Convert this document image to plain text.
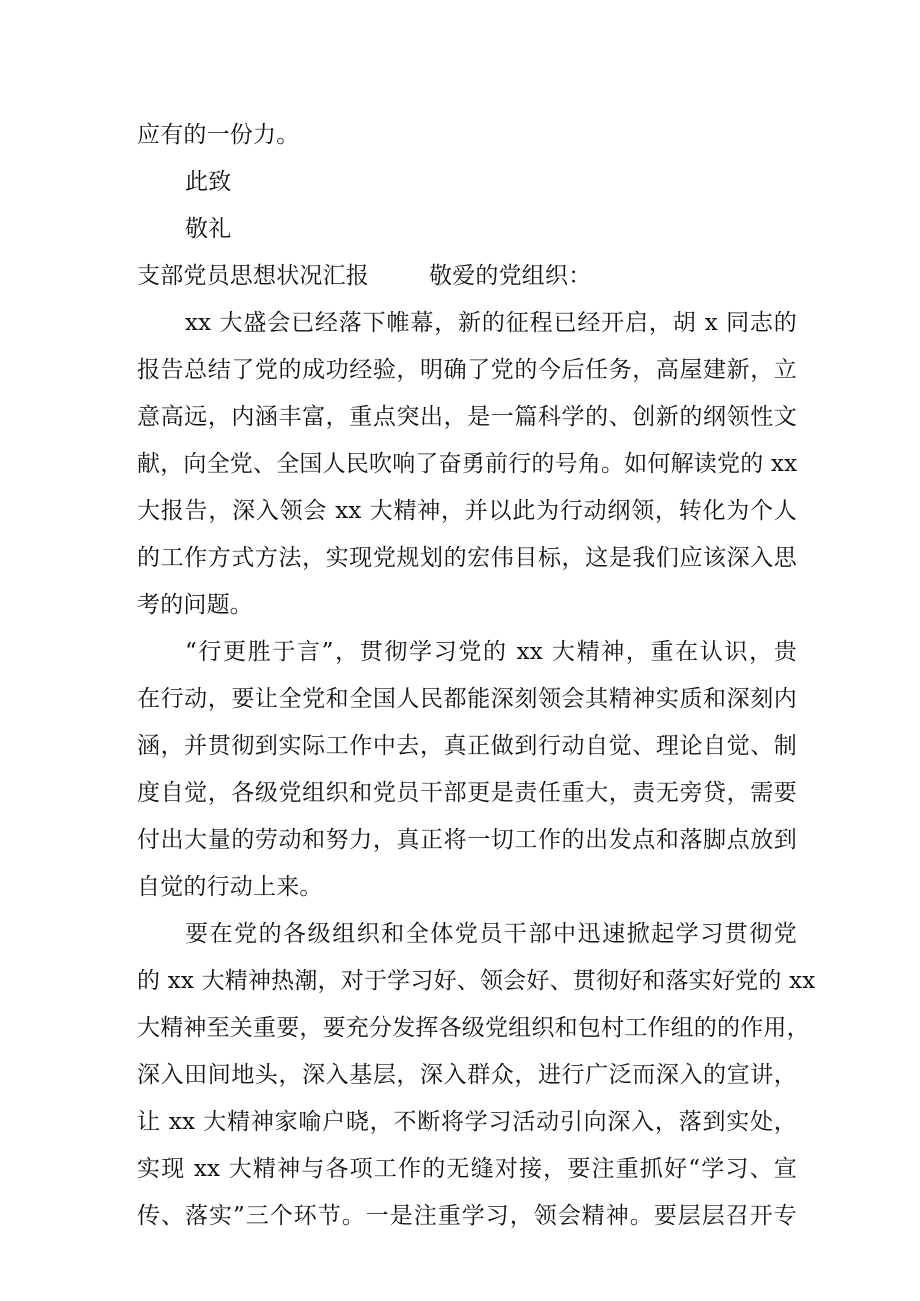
应有的一份力。
此致
敬礼
支部党员思想状况汇报	敬爱的党组织：
xx 大盛会已经落下帷幕，新的征程已经开启，胡 x 同志的
报告总结了党的成功经验，明确了党的今后任务，高屋建新，立
意高远，内涵丰富，重点突出，是一篇科学的、创新的纲领性文
献，向全党、全国人民吹响了奋勇前行的号角。如何解读党的 xx
大报告，深入领会 xx 大精神，并以此为行动纲领，转化为个人
的工作方式方法，实现党规划的宏伟目标，这是我们应该深入思
考的问题。
“行更胜于言”，贯彻学习党的 xx 大精神，重在认识，贵
在行动，要让全党和全国人民都能深刻领会其精神实质和深刻内
涵，并贯彻到实际工作中去，真正做到行动自觉、理论自觉、制
度自觉，各级党组织和党员干部更是责任重大，责无旁贷，需要
付出大量的劳动和努力，真正将一切工作的出发点和落脚点放到
自觉的行动上来。
要在党的各级组织和全体党员干部中迅速掀起学习贯彻党
的 xx 大精神热潮，对于学习好、领会好、贯彻好和落实好党的 xx
大精神至关重要，要充分发挥各级党组织和包村工作组的的作用，
深入田间地头，深入基层，深入群众，进行广泛而深入的宣讲，
让 xx 大精神家喻户晓，不断将学习活动引向深入，落到实处，
实现 xx 大精神与各项工作的无缝对接，要注重抓好“学习、宣
传、落实”三个环节。一是注重学习，领会精神。要层层召开专
